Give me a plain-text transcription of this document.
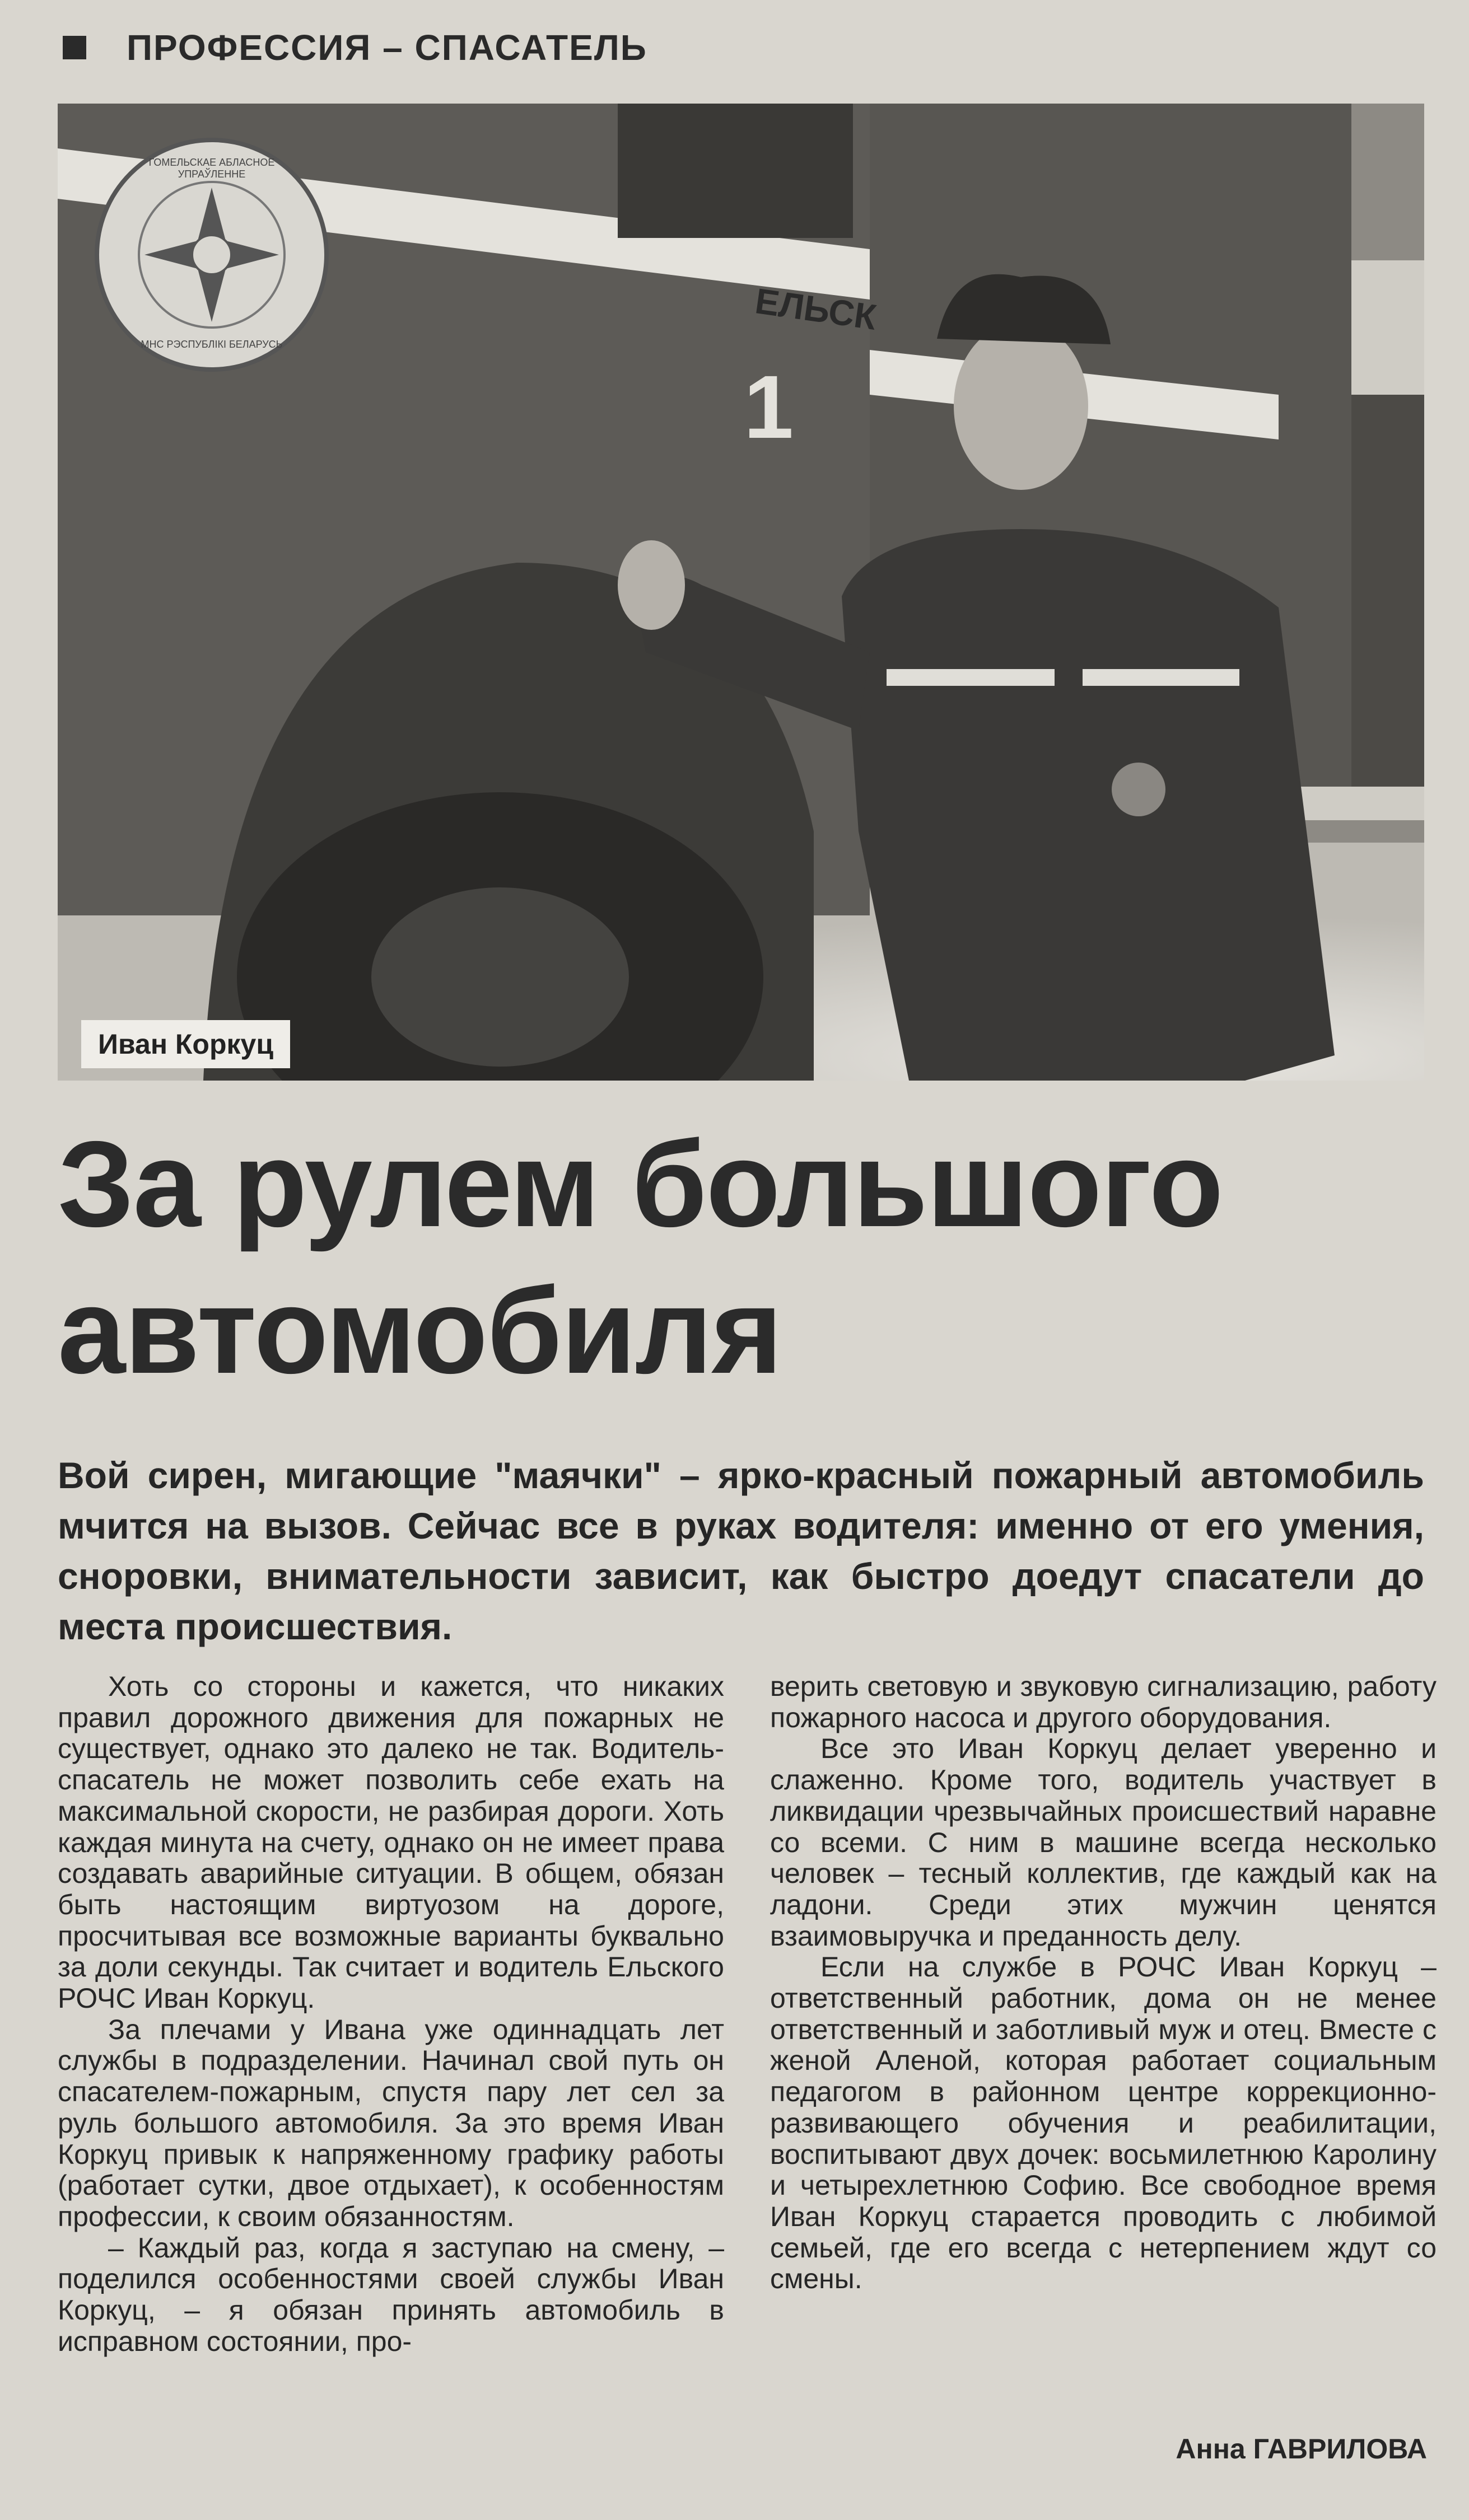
ПРОФЕССИЯ – СПАСАТЕЛЬ
ЕЛЬСК
1
ГОМЕЛЬСКАЕ АБЛАСНОЕ УПРАЎЛЕННЕ
МНС РЭСПУБЛІКІ БЕЛАРУСЬ
Иван Коркуц
За рулем большого автомобиля
Вой сирен, мигающие "маячки" – ярко-красный пожарный автомобиль мчится на вызов. Сейчас все в руках водителя: именно от его умения, сноровки, внимательности зависит, как быстро доедут спасатели до места происшествия.

Хоть со стороны и кажется, что никаких правил дорожного движения для пожарных не существует, однако это далеко не так. Водитель-спасатель не может позволить себе ехать на максимальной скорости, не разбирая дороги. Хоть каждая минута на счету, однако он не имеет права создавать аварийные ситуации. В общем, обязан быть настоящим виртуозом на дороге, просчитывая все возможные варианты буквально за доли секунды. Так считает и водитель Ельского РОЧС Иван Коркуц.

За плечами у Ивана уже одиннадцать лет службы в подразделении. Начинал свой путь он спасателем-пожарным, спустя пару лет сел за руль большого автомобиля. За это время Иван Коркуц привык к напряженному графику работы (работает сутки, двое отдыхает), к особенностям профессии, к своим обязанностям.

– Каждый раз, когда я заступаю на смену, – поделился особенностями своей службы Иван Коркуц, – я обязан принять автомобиль в исправном состоянии, про-

верить световую и звуковую сигнализацию, работу пожарного насоса и другого оборудования.

Все это Иван Коркуц делает уверенно и слаженно. Кроме того, водитель участвует в ликвидации чрезвычайных происшествий наравне со всеми. С ним в машине всегда несколько человек – тесный коллектив, где каждый как на ладони. Среди этих мужчин ценятся взаимовыручка и преданность делу.

Если на службе в РОЧС Иван Коркуц – ответственный работник, дома он не менее ответственный и заботливый муж и отец. Вместе с женой Аленой, которая работает социальным педагогом в районном центре коррекционно-развивающего обучения и реабилитации, воспитывают двух дочек: восьмилетнюю Каролину и четырехлетнюю Софию. Все свободное время Иван Коркуц старается проводить с любимой семьей, где его всегда с нетерпением ждут со смены.

Анна ГАВРИЛОВА
